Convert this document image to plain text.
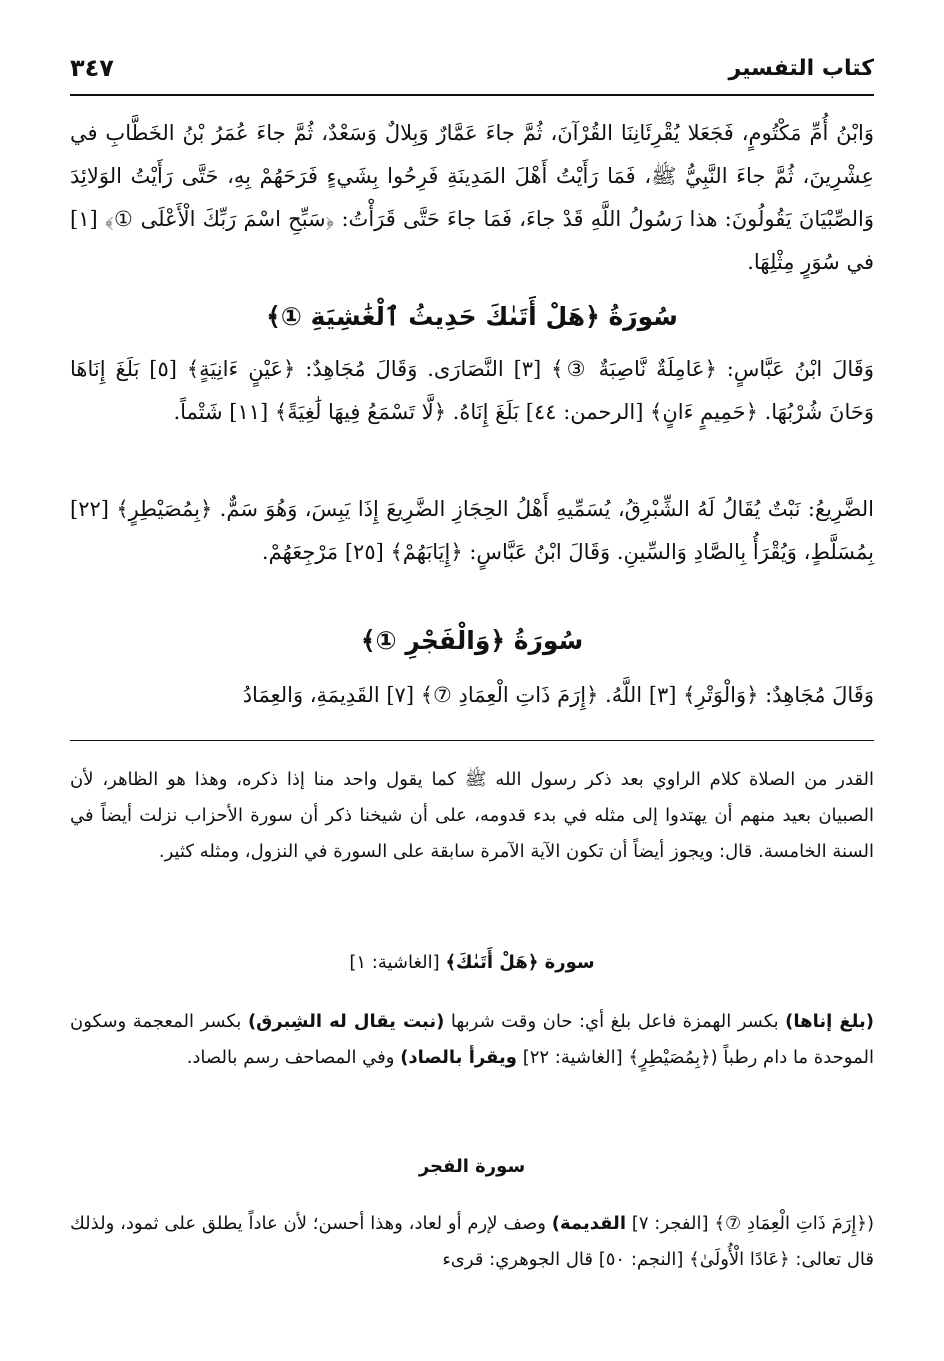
كتاب التفسير
٣٤٧

وَابْنُ أُمِّ مَكْتُومٍ، فَجَعَلا يُقْرِئَانِنَا القُرْآنَ، ثُمَّ جاءَ عَمَّارٌ وَبِلالٌ وَسَعْدٌ، ثُمَّ جاءَ عُمَرُ بْنُ الخَطَّابِ في عِشْرِينَ، ثُمَّ جاءَ النَّبِيُّ ﷺ، فَمَا رَأَيْتُ أَهْلَ المَدِينَةِ فَرِحُوا بِشَيءٍ فَرَحَهُمْ بِهِ، حَتَّى رَأَيْتُ الوَلائِدَ وَالصِّبْيَانَ يَقُولُونَ: هذا رَسُولُ اللَّهِ قَدْ جاءَ، فَمَا جاءَ حَتَّى قَرَأْتُ: ﴿سَبِّحِ اسْمَ رَبِّكَ الْأَعْلَى ①﴾ [١] في سُوَرٍ مِثْلِهَا.

سُورَةُ ﴿هَلْ أَتَىٰكَ حَدِيثُ ٱلْغَٰشِيَةِ ①﴾

وَقَالَ ابْنُ عَبَّاسٍ: ﴿عَامِلَةٌ نَّاصِبَةٌ ③﴾ [٣] النَّصَارَى. وَقَالَ مُجَاهِدٌ: ﴿عَيْنٍ ءَانِيَةٍ﴾ [٥] بَلَغَ إِنَاهَا وَحَانَ شُرْبُهَا. ﴿حَمِيمٍ ءَانٍ﴾ [الرحمن: ٤٤] بَلَغَ إِنَاهُ. ﴿لَّا تَسْمَعُ فِيهَا لَٰغِيَةً﴾ [١١] شَتْماً.

الضَّرِيعُ: نَبْتٌ يُقَالُ لَهُ الشِّبْرِقُ، يُسَمِّيهِ أَهْلُ الحِجَازِ الضَّرِيعَ إِذَا يَبِسَ، وَهُوَ سَمٌّ. ﴿بِمُصَيْطِرٍ﴾ [٢٢] بِمُسَلَّطٍ، وَيُقْرَأُ بِالصَّادِ وَالسِّينِ. وَقَالَ ابْنُ عَبَّاسٍ: ﴿إِيَابَهُمْ﴾ [٢٥] مَرْجِعَهُمْ.

سُورَةُ ﴿وَالْفَجْرِ ①﴾

وَقَالَ مُجَاهِدٌ: ﴿وَالْوَتْرِ﴾ [٣] اللَّهُ. ﴿إِرَمَ ذَاتِ الْعِمَادِ ⑦﴾ [٧] القَدِيمَةِ، وَالعِمَادُ

القدر من الصلاة كلام الراوي بعد ذكر رسول الله ﷺ كما يقول واحد منا إذا ذكره، وهذا هو الظاهر، لأن الصبيان بعيد منهم أن يهتدوا إلى مثله في بدء قدومه، على أن شيخنا ذكر أن سورة الأحزاب نزلت أيضاً في السنة الخامسة. قال: ويجوز أيضاً أن تكون الآية الآمرة سابقة على السورة في النزول، ومثله كثير.

سورة ﴿هَلْ أَتَىٰكَ﴾ [الغاشية: ١]

(بلغ إناها) بكسر الهمزة فاعل بلغ أي: حان وقت شربها (نبت يقال له الشِبرق) بكسر المعجمة وسكون الموحدة ما دام رطباً (﴿بِمُصَيْطِرٍ﴾ [الغاشية: ٢٢] ويقرأ بالصاد) وفي المصاحف رسم بالصاد.

سورة الفجر

(﴿إِرَمَ ذَاتِ الْعِمَادِ ⑦﴾ [الفجر: ٧] القديمة) وصف لإرم أو لعاد، وهذا أحسن؛ لأن عاداً يطلق على ثمود، ولذلك قال تعالى: ﴿عَادًا الْأُولَىٰ﴾ [النجم: ٥٠] قال الجوهري: قرىء
